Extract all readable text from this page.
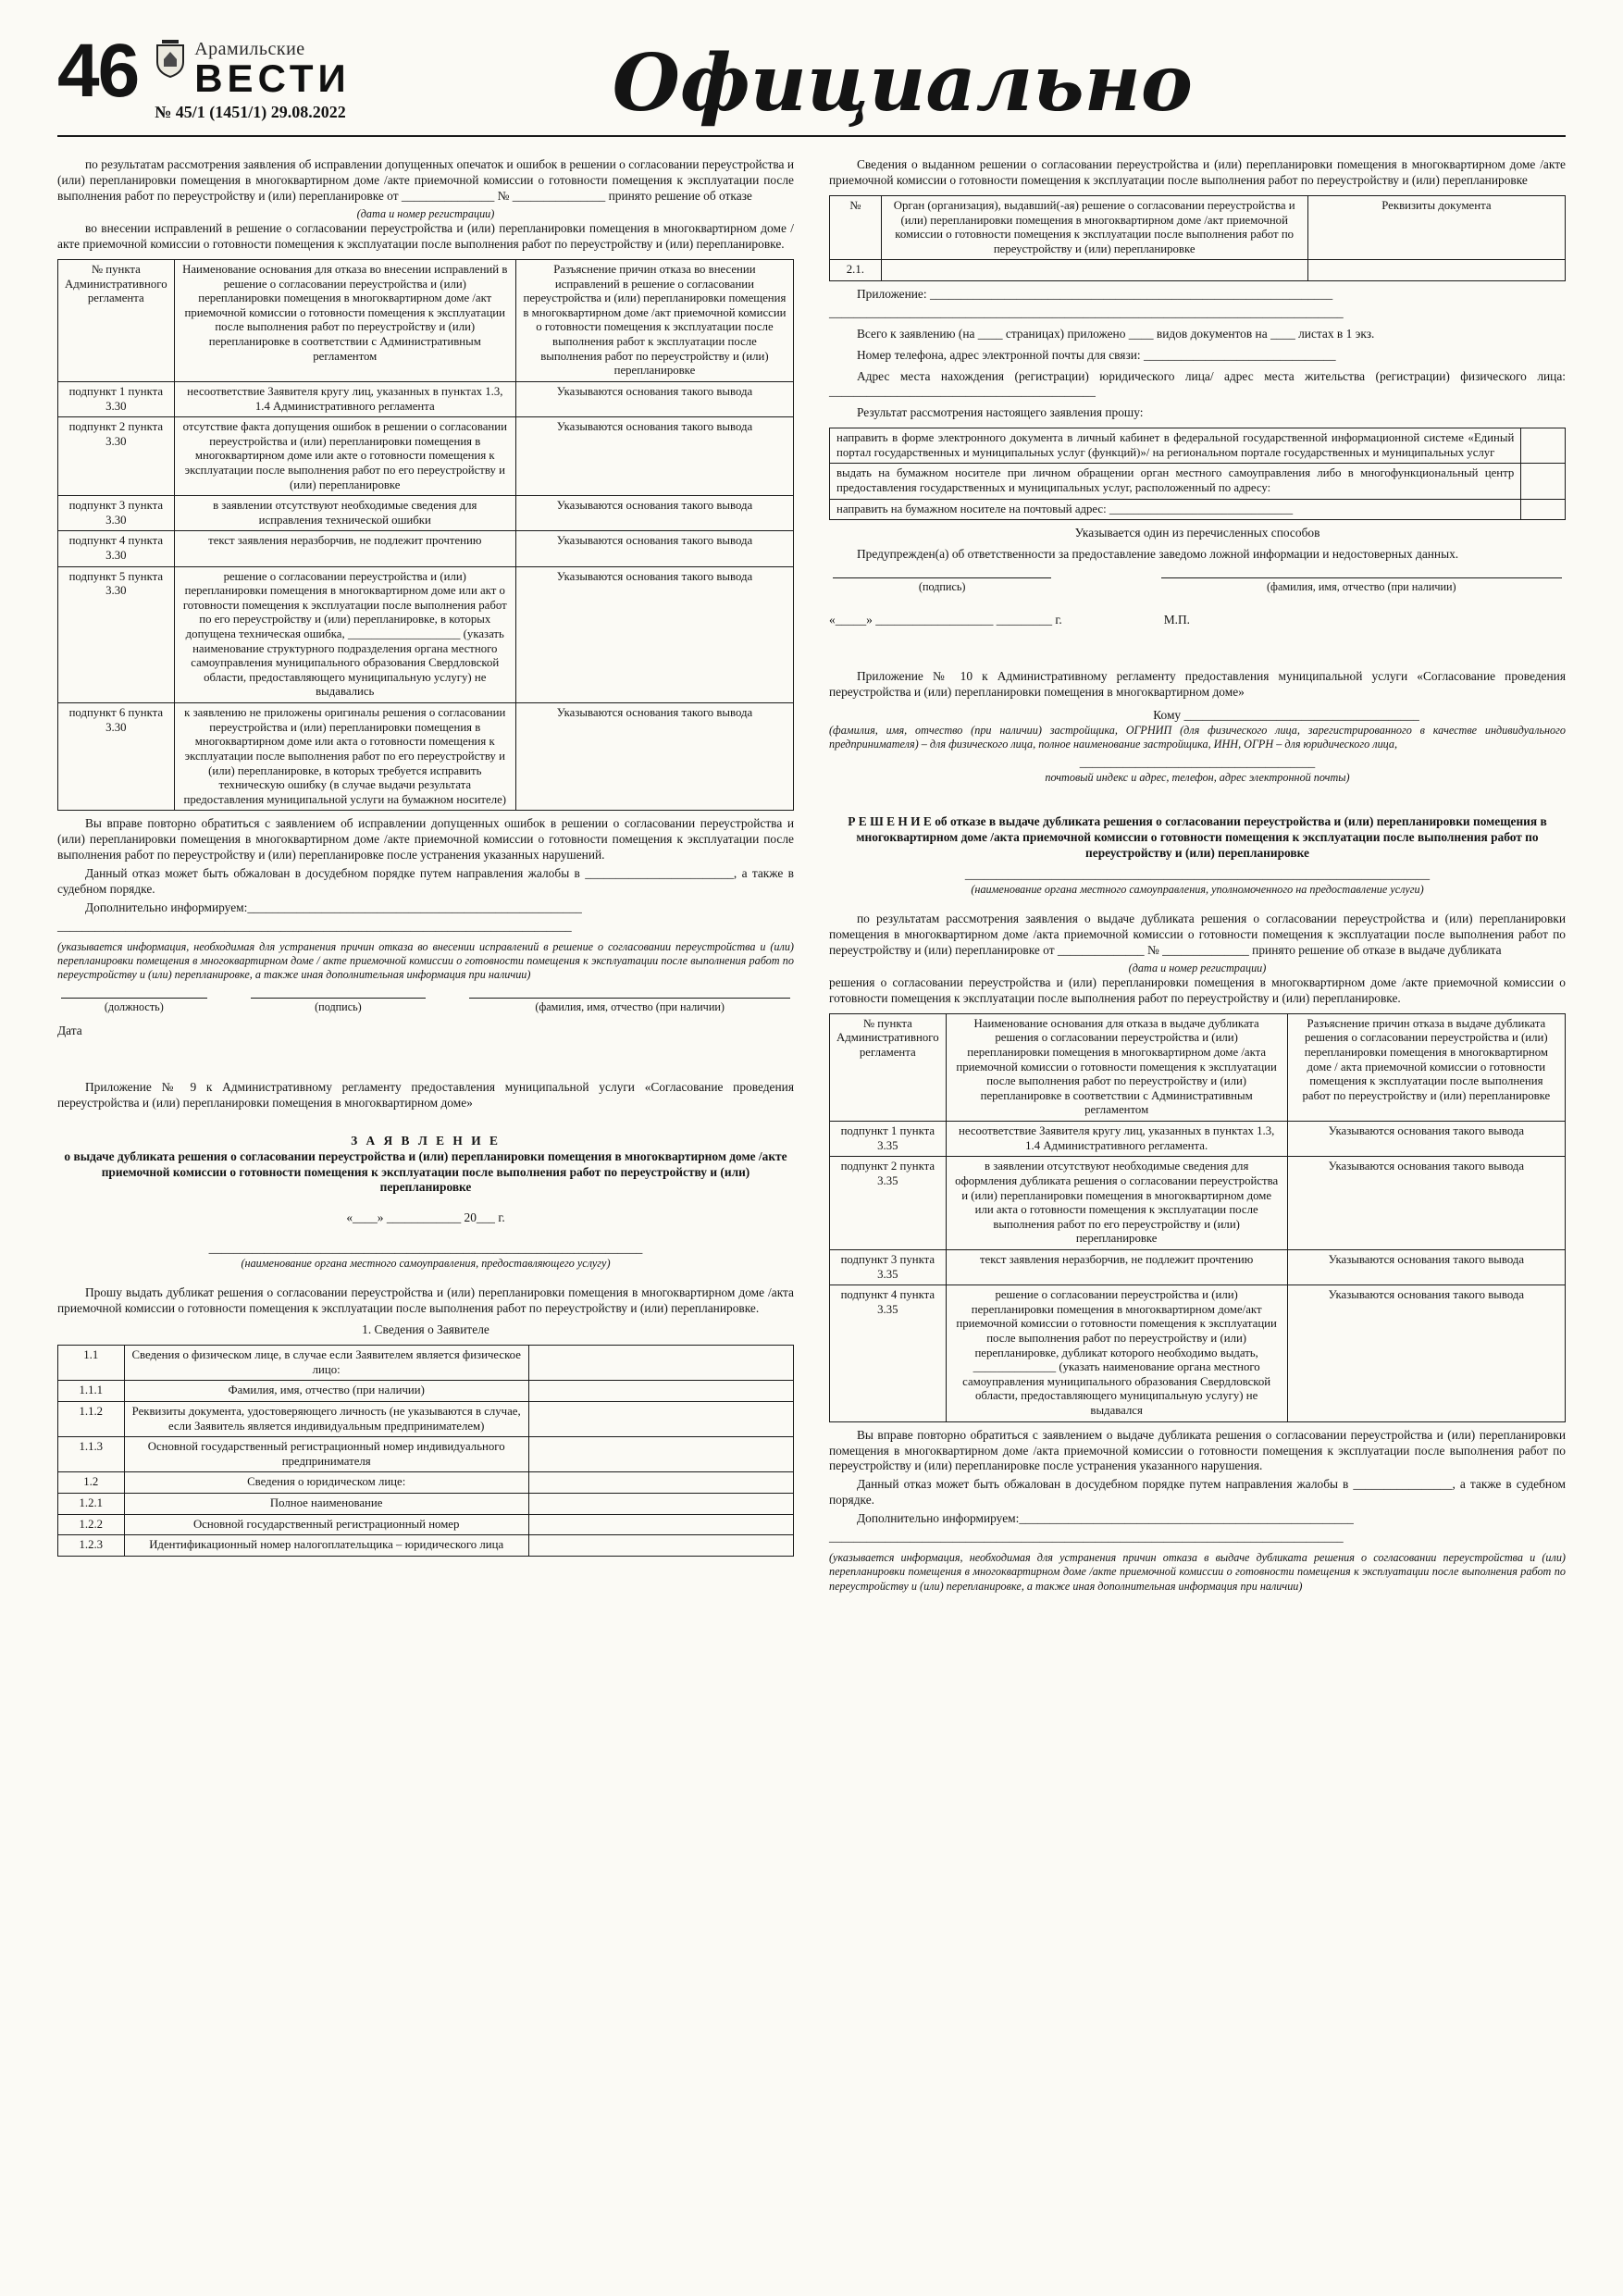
46	Арамильские
ВЕСТИ
№ 45/1 (1451/1) 29.08.2022	Официально

по результатам рассмотрения заявления об исправлении допущенных опечаток и ошибок в решении о согласовании переустройства и (или) перепланировки помещения в многоквартирном доме /акте приемочной комиссии о готовности помещения к эксплуатации после выполнения работ по переустройству и (или) перепланировке от _______________ № _______________ принято решение об отказе

(дата и номер регистрации)

во внесении исправлений в решение о согласовании переустройства и (или) перепланировки помещения в многоквартирном доме / акте приемочной комиссии о готовности помещения к эксплуатации после выполнения работ по переустройству и (или) перепланировке.

№ пункта Административного регламента	Наименование основания для отказа во внесении исправлений в решение о согласовании переустройства и (или) перепланировки помещения в многоквартирном доме /акт приемочной комиссии о готовности помещения к эксплуатации после выполнения работ по переустройству и (или) перепланировке в соответствии с Административным регламентом	Разъяснение причин отказа во внесении исправлений в решение о согласовании переустройства и (или) перепланировки помещения в многоквартирном доме /акт приемочной комиссии о готовности помещения к эксплуатации после выполнения работ к эксплуатации после выполнения работ по переустройству и (или) перепланировке
подпункт 1 пункта 3.30	несоответствие Заявителя кругу лиц, указанных в пунктах 1.3, 1.4 Административного регламента	Указываются основания такого вывода
подпункт 2 пункта 3.30	отсутствие факта допущения ошибок в решении о согласовании переустройства и (или) перепланировки помещения в многоквартирном доме или акте о готовности помещения к эксплуатации после выполнения работ по его переустройству и (или) перепланировке	Указываются основания такого вывода
подпункт 3 пункта 3.30	в заявлении отсутствуют необходимые сведения для исправления технической ошибки	Указываются основания такого вывода
подпункт 4 пункта 3.30	текст заявления неразборчив, не подлежит прочтению	Указываются основания такого вывода
подпункт 5 пункта 3.30	решение о согласовании переустройства и (или) перепланировки помещения в многоквартирном доме или акт о готовности помещения к эксплуатации после выполнения работ по его переустройству и (или) перепланировке, в которых допущена техническая ошибка, ___________________ (указать наименование структурного подразделения органа местного самоуправления муниципального образования Свердловской области, предоставляющего муниципальную услугу) не выдавались	Указываются основания такого вывода
подпункт 6 пункта 3.30	к заявлению не приложены оригиналы решения о согласовании переустройства и (или) перепланировки помещения в многоквартирном доме или акта о готовности помещения к эксплуатации после выполнения работ по его переустройству и (или) перепланировке, в которых требуется исправить техническую ошибку (в случае выдачи результата предоставления муниципальной услуги на бумажном носителе)	Указываются основания такого вывода

Вы вправе повторно обратиться с заявлением об исправлении допущенных ошибок в решении о согласовании переустройства и (или) перепланировки помещения в многоквартирном доме /акте приемочной комиссии о готовности помещения к эксплуатации после выполнения работ по переустройству и (или) перепланировке после устранения указанных нарушений.

Данный отказ может быть обжалован в досудебном порядке путем направления жалобы в ________________________, а также в судебном порядке.

Дополнительно информируем:______________________________________________________

___________________________________________________________________________________

(указывается информация, необходимая для устранения причин отказа во внесении исправлений в решение о согласовании переустройства и (или) перепланировки помещения в многоквартирном доме / акте приемочной комиссии о готовности помещения к эксплуатации после выполнения работ по переустройству и (или) перепланировке, а также иная дополнительная информация при наличии)

(должность)	(подпись)	(фамилия, имя, отчество (при наличии)

Дата

Приложение № 9 к Административному регламенту предоставления муниципальной услуги «Согласование проведения переустройства и (или) перепланировки помещения в многоквартирном доме»

З А Я В Л Е Н И Е
о выдаче дубликата решения о согласовании переустройства и (или) перепланировки помещения в многоквартирном доме /акте приемочной комиссии о готовности помещения к эксплуатации после выполнения работ по переустройству и (или) перепланировке
«____» ____________ 20___ г.
______________________________________________________________________
(наименование органа местного самоуправления, предоставляющего услугу)

Прошу выдать дубликат решения о согласовании переустройства и (или) перепланировки помещения в многоквартирном доме /акта приемочной комиссии о готовности помещения к эксплуатации после выполнения работ по переустройству и (или) перепланировке.

1. Сведения о Заявителе
1.1	Сведения о физическом лице, в случае если Заявителем является физическое лицо:	
1.1.1	Фамилия, имя, отчество (при наличии)	
1.1.2	Реквизиты документа, удостоверяющего личность (не указываются в случае, если Заявитель является индивидуальным предпринимателем)	
1.1.3	Основной государственный регистрационный номер индивидуального предпринимателя	
1.2	Сведения о юридическом лице:	
1.2.1	Полное наименование	
1.2.2	Основной государственный регистрационный номер	
1.2.3	Идентификационный номер налогоплательщика – юридического лица	

Сведения о выданном решении о согласовании переустройства и (или) перепланировки помещения в многоквартирном доме /акте приемочной комиссии о готовности помещения к эксплуатации после выполнения работ по переустройству и (или) перепланировке

№	Орган (организация), выдавший(-ая) решение о согласовании переустройства и (или) перепланировки помещения в многоквартирном доме /акт приемочной комиссии о готовности помещения к эксплуатации после выполнения работ по переустройству и (или) перепланировке	Реквизиты документа
2.1.		

Приложение: _________________________________________________________________

___________________________________________________________________________________

Всего к заявлению (на ____ страницах) приложено ____ видов документов на ____ листах в 1 экз.

Номер телефона, адрес электронной почты для связи: _______________________________

Адрес места нахождения (регистрации) юридического лица/ адрес места жительства (регистрации) физического лица: ___________________________________________

Результат рассмотрения настоящего заявления прошу:

направить в форме электронного документа в личный кабинет в федеральной государственной информационной системе «Единый портал государственных и муниципальных услуг (функций)»/ на региональном портале государственных и муниципальных услуг	
выдать на бумажном носителе при личном обращении орган местного самоуправления либо в многофункциональный центр предоставления государственных и муниципальных услуг, расположенный по адресу:	
направить на бумажном носителе на почтовый адрес: _______________________________	
Указывается один из перечисленных способов

Предупрежден(а) об ответственности за предоставление заведомо ложной информации и недостоверных данных.

(подпись)	(фамилия, имя, отчество (при наличии)
«_____» ___________________ _________ г.	М.П.

Приложение № 10 к Административному регламенту предоставления муниципальной услуги «Согласование проведения переустройства и (или) перепланировки помещения в многоквартирном доме»

Кому ______________________________________

(фамилия, имя, отчество (при наличии) застройщика, ОГРНИП (для физического лица, зарегистрированного в качестве индивидуального предпринимателя) – для физического лица, полное наименование застройщика, ИНН, ОГРН – для юридического лица,

______________________________________
почтовый индекс и адрес, телефон, адрес электронной почты)
Р Е Ш Е Н И Е об отказе в выдаче дубликата решения о согласовании переустройства и (или) перепланировки помещения в многоквартирном доме /акта приемочной комиссии о готовности помещения к эксплуатации после выполнения работ по переустройству и (или) перепланировке
___________________________________________________________________________
(наименование органа местного самоуправления, уполномоченного на предоставление услуги)

по результатам рассмотрения заявления о выдаче дубликата решения о согласовании переустройства и (или) перепланировки помещения в многоквартирном доме /акта приемочной комиссии о готовности помещения к эксплуатации после выполнения работ по переустройству и (или) перепланировке от ______________ № ______________ принято решение об отказе в выдаче дубликата

(дата и номер регистрации)

решения о согласовании переустройства и (или) перепланировки помещения в многоквартирном доме /акте приемочной комиссии о готовности помещения к эксплуатации после выполнения работ по переустройству и (или) перепланировке.

№ пункта Административного регламента	Наименование основания для отказа в выдаче дубликата решения о согласовании переустройства и (или) перепланировки помещения в многоквартирном доме /акта приемочной комиссии о готовности помещения к эксплуатации после выполнения работ по переустройству и (или) перепланировке в соответствии с Административным регламентом	Разъяснение причин отказа в выдаче дубликата решения о согласовании переустройства и (или) перепланировки помещения в многоквартирном доме / акта приемочной комиссии о готовности помещения к эксплуатации после выполнения работ по переустройству и (или) перепланировке
подпункт 1 пункта 3.35	несоответствие Заявителя кругу лиц, указанных в пунктах 1.3, 1.4 Административного регламента.	Указываются основания такого вывода
подпункт 2 пункта 3.35	в заявлении отсутствуют необходимые сведения для оформления дубликата решения о согласовании переустройства и (или) перепланировки помещения в многоквартирном доме или акта о готовности помещения к эксплуатации после выполнения работ по его переустройству и (или) перепланировке	Указываются основания такого вывода
подпункт 3 пункта 3.35	текст заявления неразборчив, не подлежит прочтению	Указываются основания такого вывода
подпункт 4 пункта 3.35	решение о согласовании переустройства и (или) перепланировки помещения в многоквартирном доме/акт приемочной комиссии о готовности помещения к эксплуатации после выполнения работ по переустройству и (или) перепланировке, дубликат которого необходимо выдать, ______________ (указать наименование органа местного самоуправления муниципального образования Свердловской области, предоставляющего муниципальную услугу) не выдавался	Указываются основания такого вывода

Вы вправе повторно обратиться с заявлением о выдаче дубликата решения о согласовании переустройства и (или) перепланировки помещения в многоквартирном доме /акта приемочной комиссии о готовности помещения к эксплуатации после выполнения работ по переустройству и (или) перепланировке после устранения указанного нарушения.

Данный отказ может быть обжалован в досудебном порядке путем направления жалобы в ________________, а также в судебном порядке.

Дополнительно информируем:______________________________________________________

___________________________________________________________________________________

(указывается информация, необходимая для устранения причин отказа в выдаче дубликата решения о согласовании переустройства и (или) перепланировки помещения в многоквартирном доме /акте приемочной комиссии о готовности помещения к эксплуатации после выполнения работ по переустройству и (или) перепланировке, а также иная дополнительная информация при наличии)
